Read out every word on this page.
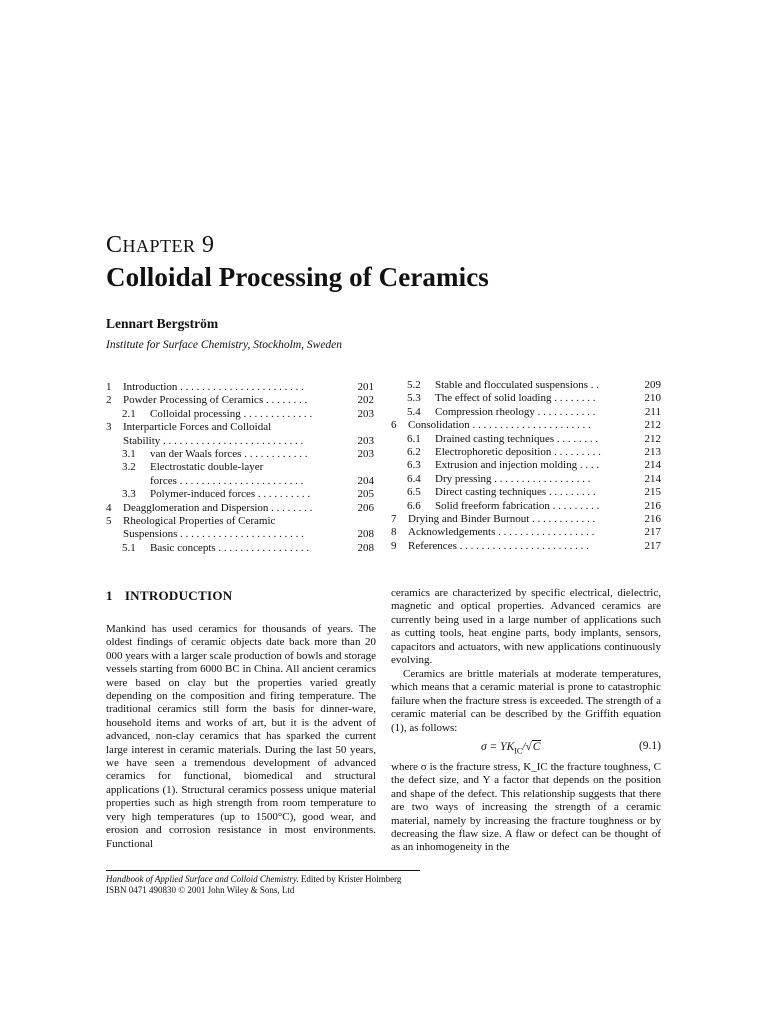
CHAPTER 9
Colloidal Processing of Ceramics
Lennart Bergström
Institute for Surface Chemistry, Stockholm, Sweden
1 Introduction . . . . . . . . . . . . . . . . . . . . . . .	201
2 Powder Processing of Ceramics . . . . . . . .	202
2.1 Colloidal processing . . . . . . . . . . . . .	203
3 Interparticle Forces and Colloidal
Stability . . . . . . . . . . . . . . . . . . . . . . . . . .	203
3.1 van der Waals forces . . . . . . . . . . . .	203
3.2 Electrostatic double-layer
forces . . . . . . . . . . . . . . . . . . . . . . .	204
3.3 Polymer-induced forces . . . . . . . . . .	205
4 Deagglomeration and Dispersion . . . . . . . .	206
5 Rheological Properties of Ceramic
Suspensions . . . . . . . . . . . . . . . . . . . . . . .	208
5.1 Basic concepts . . . . . . . . . . . . . . . . .	208
5.2 Stable and flocculated suspensions . .	209
5.3 The effect of solid loading . . . . . . . .	210
5.4 Compression rheology . . . . . . . . . . .	211
6 Consolidation . . . . . . . . . . . . . . . . . . . . . .	212
6.1 Drained casting techniques . . . . . . . .	212
6.2 Electrophoretic deposition . . . . . . . . .	213
6.3 Extrusion and injection molding . . . .	214
6.4 Dry pressing . . . . . . . . . . . . . . . . . .	214
6.5 Direct casting techniques . . . . . . . . .	215
6.6 Solid freeform fabrication . . . . . . . . .	216
7 Drying and Binder Burnout . . . . . . . . . . . .	216
8 Acknowledgements . . . . . . . . . . . . . . . . . .	217
9 References . . . . . . . . . . . . . . . . . . . . . . . .	217
1 INTRODUCTION
Mankind has used ceramics for thousands of years. The oldest findings of ceramic objects date back more than 20 000 years with a larger scale production of bowls and storage vessels starting from 6000 BC in China. All ancient ceramics were based on clay but the properties varied greatly depending on the composition and firing temperature. The traditional ceramics still form the basis for dinner-ware, household items and works of art, but it is the advent of advanced, non-clay ceramics that has sparked the current large interest in ceramic materials. During the last 50 years, we have seen a tremendous development of advanced ceramics for functional, biomedical and structural applications (1). Structural ceramics possess unique material properties such as high strength from room temperature to very high temperatures (up to 1500°C), good wear, and erosion and corrosion resistance in most environments. Functional
ceramics are characterized by specific electrical, dielectric, magnetic and optical properties. Advanced ceramics are currently being used in a large number of applications such as cutting tools, heat engine parts, body implants, sensors, capacitors and actuators, with new applications continuously evolving.
Ceramics are brittle materials at moderate temperatures, which means that a ceramic material is prone to catastrophic failure when the fracture stress is exceeded. The strength of a ceramic material can be described by the Griffith equation (1), as follows:
$\sigma = YK_{IC}/√C$	(9.1)
where σ is the fracture stress, K_IC the fracture toughness, C the defect size, and Y a factor that depends on the position and shape of the defect. This relationship suggests that there are two ways of increasing the strength of a ceramic material, namely by increasing the fracture toughness or by decreasing the flaw size. A flaw or defect can be thought of as an inhomogeneity in the
Handbook of Applied Surface and Colloid Chemistry. Edited by Krister Holmberg
ISBN 0471 490830 © 2001 John Wiley & Sons, Ltd
